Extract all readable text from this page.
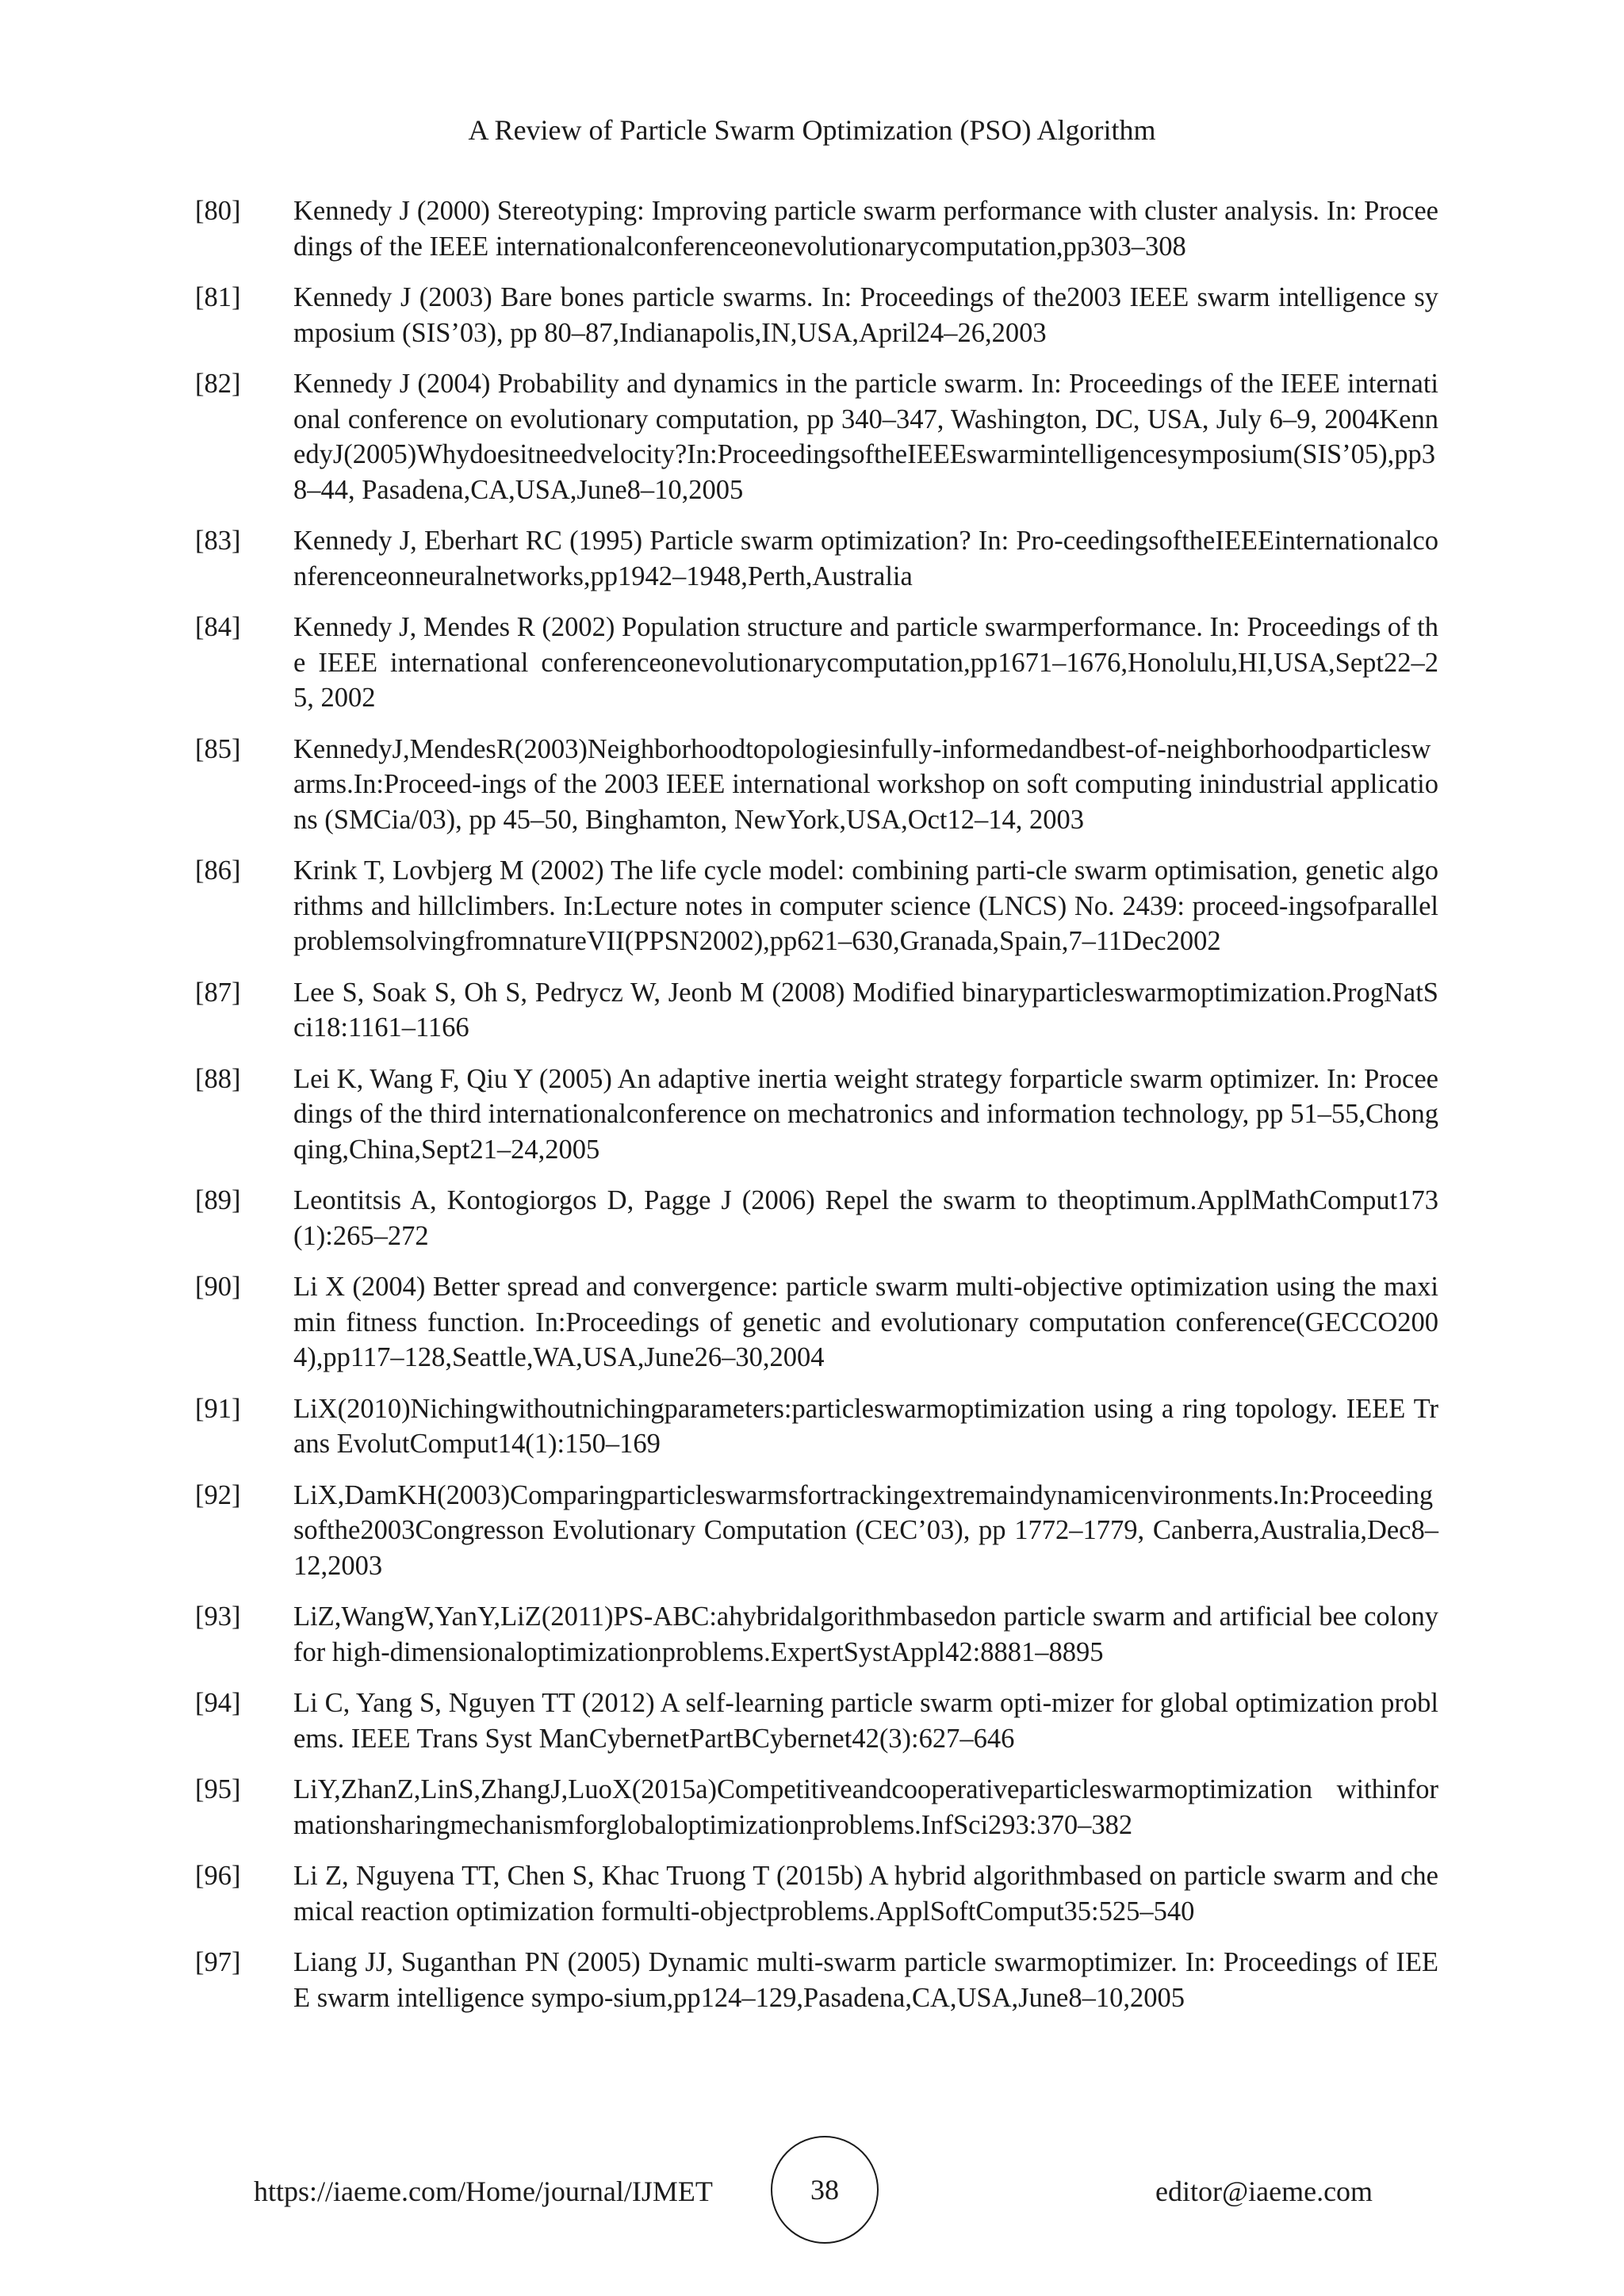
A Review of Particle Swarm Optimization (PSO) Algorithm
[80]	Kennedy J (2000) Stereotyping: Improving particle swarm performance with cluster analysis. In: Proceedings of the IEEE internationalconferenceonevolutionarycomputation,pp303–308
[81]	Kennedy J (2003) Bare bones particle swarms. In: Proceedings of the2003 IEEE swarm intelligence symposium (SIS’03), pp 80–87,Indianapolis,IN,USA,April24–26,2003
[82]	Kennedy J (2004) Probability and dynamics in the particle swarm. In: Proceedings of the IEEE international conference on evolutionary computation, pp 340–347, Washington, DC, USA, July 6–9, 2004KennedyJ(2005)Whydoesitneedvelocity?In:ProceedingsoftheIEEEswarmintelligencesymposium(SIS’05),pp38–44, Pasadena,CA,USA,June8–10,2005
[83]	Kennedy J, Eberhart RC (1995) Particle swarm optimization? In: Pro-ceedingsoftheIEEEinternationalconferenceonneuralnetworks,pp1942–1948,Perth,Australia
[84]	Kennedy J, Mendes R (2002) Population structure and particle swarmperformance. In: Proceedings of the IEEE international conferenceonevolutionarycomputation,pp1671–1676,Honolulu,HI,USA,Sept22–25, 2002
[85]	KennedyJ,MendesR(2003)Neighborhoodtopologiesinfully-informedandbest-of-neighborhoodparticleswarms.In:Proceed-ings of the 2003 IEEE international workshop on soft computing inindustrial applications (SMCia/03), pp 45–50, Binghamton, NewYork,USA,Oct12–14, 2003
[86]	Krink T, Lovbjerg M (2002) The life cycle model: combining parti-cle swarm optimisation, genetic algorithms and hillclimbers. In:Lecture notes in computer science (LNCS) No. 2439: proceed-ingsofparallelproblemsolvingfromnatureVII(PPSN2002),pp621–630,Granada,Spain,7–11Dec2002
[87]	Lee S, Soak S, Oh S, Pedrycz W, Jeonb M (2008) Modified binaryparticleswarmoptimization.ProgNatSci18:1161–1166
[88]	Lei K, Wang F, Qiu Y (2005) An adaptive inertia weight strategy forparticle swarm optimizer. In: Proceedings of the third internationalconference on mechatronics and information technology, pp 51–55,Chongqing,China,Sept21–24,2005
[89]	Leontitsis A, Kontogiorgos D, Pagge J (2006) Repel the swarm to theoptimum.ApplMathComput173(1):265–272
[90]	Li X (2004) Better spread and convergence: particle swarm multi-objective optimization using the maximin fitness function. In:Proceedings of genetic and evolutionary computation conference(GECCO2004),pp117–128,Seattle,WA,USA,June26–30,2004
[91]	LiX(2010)Nichingwithoutnichingparameters:particleswarmoptimization using a ring topology. IEEE Trans EvolutComput14(1):150–169
[92]	LiX,DamKH(2003)Comparingparticleswarmsfortrackingextremaindynamicenvironments.In:Proceedingsofthe2003Congresson Evolutionary Computation (CEC’03), pp 1772–1779, Canberra,Australia,Dec8–12,2003
[93]	LiZ,WangW,YanY,LiZ(2011)PS-ABC:ahybridalgorithmbasedon particle swarm and artificial bee colony for high-dimensionaloptimizationproblems.ExpertSystAppl42:8881–8895
[94]	Li C, Yang S, Nguyen TT (2012) A self-learning particle swarm opti-mizer for global optimization problems. IEEE Trans Syst ManCybernetPartBCybernet42(3):627–646
[95]	LiY,ZhanZ,LinS,ZhangJ,LuoX(2015a)Competitiveandcooperativeparticleswarmoptimization withinformationsharingmechanismforglobaloptimizationproblems.InfSci293:370–382
[96]	Li Z, Nguyena TT, Chen S, Khac Truong T (2015b) A hybrid algorithmbased on particle swarm and chemical reaction optimization formulti-objectproblems.ApplSoftComput35:525–540
[97]	Liang JJ, Suganthan PN (2005) Dynamic multi-swarm particle swarmoptimizer. In: Proceedings of IEEE swarm intelligence sympo-sium,pp124–129,Pasadena,CA,USA,June8–10,2005
https://iaeme.com/Home/journal/IJMET	38	editor@iaeme.com
